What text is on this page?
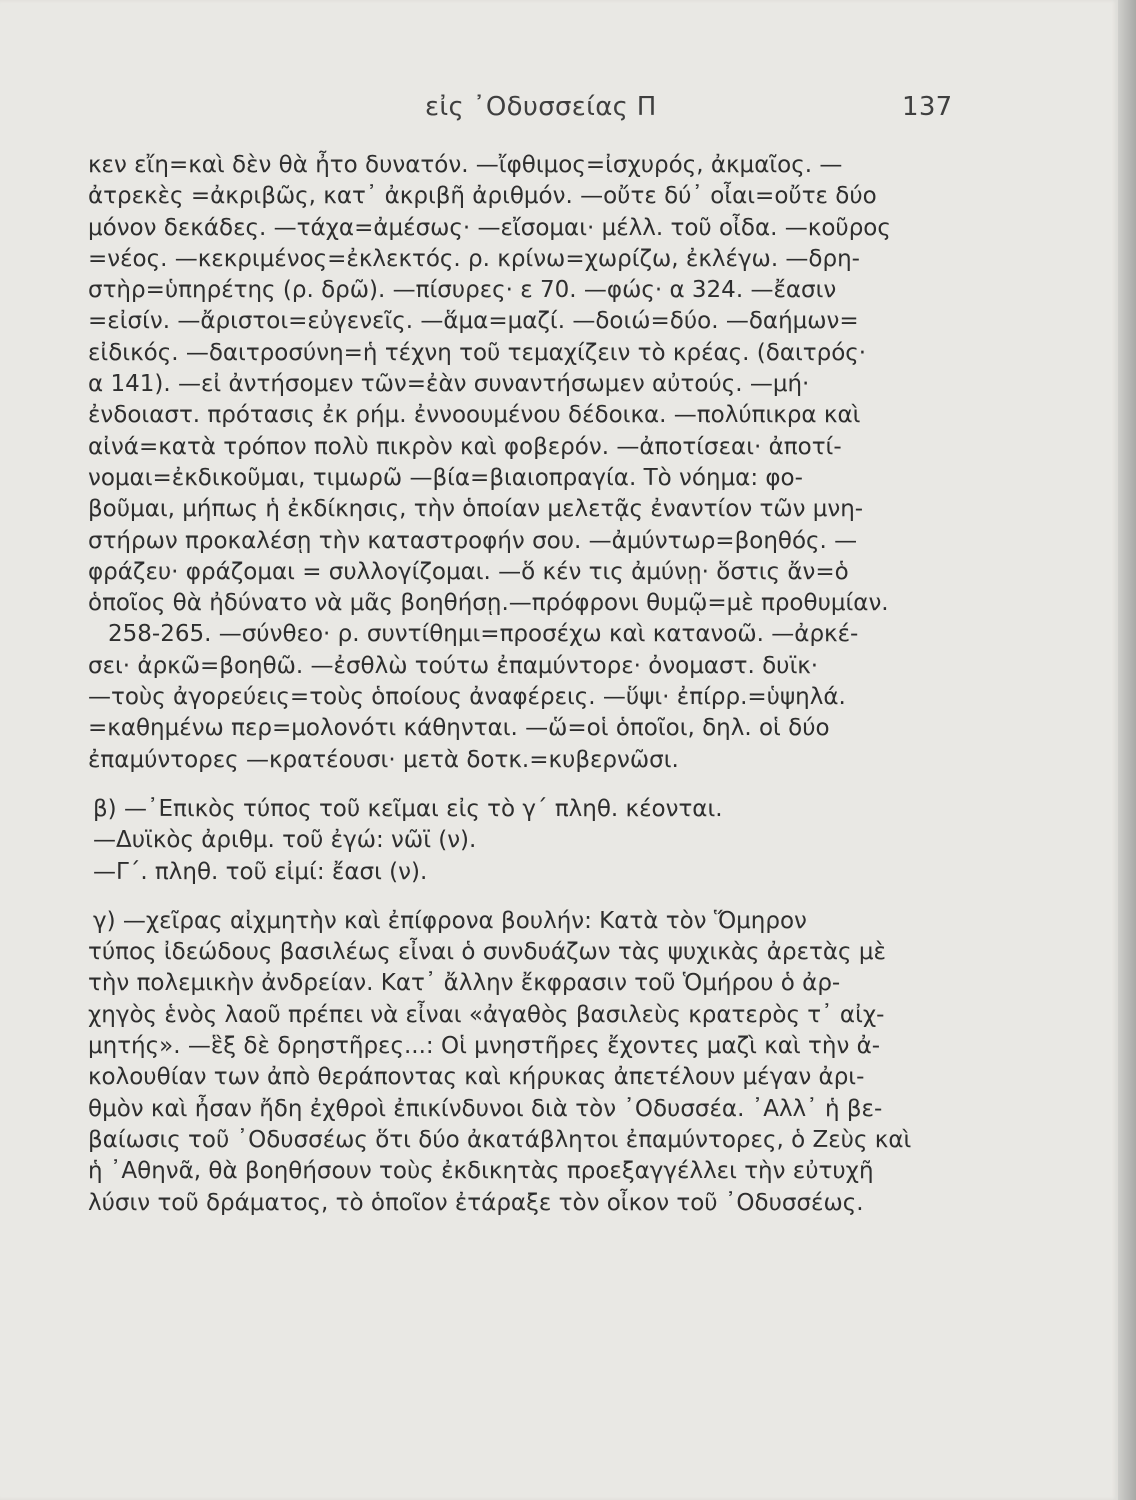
εἰς ᾿Οδυσσείας Π	137
κεν εἴη=καὶ δὲν θὰ ἦτο δυνατόν. —ἴφθιμος=ἰσχυρός, ἀκμαῖος. —
ἀτρεκὲς =ἀκριβῶς, κατ᾽ ἀκριβῆ ἀριθμόν. —οὔτε δύ᾽ οἶαι=οὔτε δύο
μόνον δεκάδες. —τάχα=ἀμέσως· —εἴσομαι· μέλλ. τοῦ οἶδα. —κοῦρος
=νέος. —κεκριμένος=ἐκλεκτός. ρ. κρίνω=χωρίζω, ἐκλέγω. —δρη-
στὴρ=ὑπηρέτης (ρ. δρῶ). —πίσυρες· ε 70. —φώς· α 324. —ἔασιν
=εἰσίν. —ἄριστοι=εὐγενεῖς. —ἅμα=μαζί. —δοιώ=δύο. —δαήμων=
εἰδικός. —δαιτροσύνη=ἡ τέχνη τοῦ τεμαχίζειν τὸ κρέας. (δαιτρός·
α 141). —εἰ ἀντήσομεν τῶν=ἐὰν συναντήσωμεν αὐτούς. —μή·
ἐνδοιαστ. πρότασις ἐκ ρήμ. ἐννοουμένου δέδοικα. —πολύπικρα καὶ
αἰνά=κατὰ τρόπον πολὺ πικρὸν καὶ φοβερόν. —ἀποτίσεαι· ἀποτί-
νομαι=ἐκδικοῦμαι, τιμωρῶ —βία=βιαιοπραγία. Τὸ νόημα: φο-
βοῦμαι, μήπως ἡ ἐκδίκησις, τὴν ὁποίαν μελετᾷς ἐναντίον τῶν μνη-
στήρων προκαλέσῃ τὴν καταστροφήν σου. —ἀμύντωρ=βοηθός. —
φράζευ· φράζομαι = συλλογίζομαι. —ὅ κέν τις ἀμύνῃ· ὅστις ἄν=ὁ
ὁποῖος θὰ ἠδύνατο νὰ μᾶς βοηθήσῃ.—πρόφρονι θυμῷ=μὲ προθυμίαν.
258-265. —σύνθεο· ρ. συντίθημι=προσέχω καὶ κατανοῶ. —ἀρκέ-
σει· ἀρκῶ=βοηθῶ. —ἐσθλὼ τούτω ἐπαμύντορε· ὀνομαστ. δυϊκ·
—τοὺς ἀγορεύεις=τοὺς ὁποίους ἀναφέρεις. —ὕψι· ἐπίρρ.=ὑψηλά.
=καθημένω περ=μολονότι κάθηνται. —ὥ=οἱ ὁποῖοι, δηλ. οἱ δύο
ἐπαμύντορες —κρατέουσι· μετὰ δοτκ.=κυβερνῶσι.
β) —᾿Επικὸς τύπος τοῦ κεῖμαι εἰς τὸ γ΄ πληθ. κέονται.
—Δυϊκὸς ἀριθμ. τοῦ ἐγώ: νῶϊ (ν).
—Γ΄. πληθ. τοῦ εἰμί: ἔασι (ν).
γ) —χεῖρας αἰχμητὴν καὶ ἐπίφρονα βουλήν: Κατὰ τὸν Ὅμηρον
τύπος ἰδεώδους βασιλέως εἶναι ὁ συνδυάζων τὰς ψυχικὰς ἀρετὰς μὲ
τὴν πολεμικὴν ἀνδρείαν. Κατ᾽ ἄλλην ἔκφρασιν τοῦ Ὁμήρου ὁ ἀρ-
χηγὸς ἑνὸς λαοῦ πρέπει νὰ εἶναι «ἀγαθὸς βασιλεὺς κρατερὸς τ᾽ αἰχ-
μητής». —ἓξ δὲ δρηστῆρες...: Οἱ μνηστῆρες ἔχοντες μαζὶ καὶ τὴν ἀ-
κολουθίαν των ἀπὸ θεράποντας καὶ κήρυκας ἀπετέλουν μέγαν ἀρι-
θμὸν καὶ ἦσαν ἤδη ἐχθροὶ ἐπικίνδυνοι διὰ τὸν ᾿Οδυσσέα. ᾿Αλλ᾽ ἡ βε-
βαίωσις τοῦ ᾿Οδυσσέως ὅτι δύο ἀκατάβλητοι ἐπαμύντορες, ὁ Ζεὺς καὶ
ἡ ᾿Αθηνᾶ, θὰ βοηθήσουν τοὺς ἐκδικητὰς προεξαγγέλλει τὴν εὐτυχῆ
λύσιν τοῦ δράματος, τὸ ὁποῖον ἐτάραξε τὸν οἶκον τοῦ ᾿Οδυσσέως.
